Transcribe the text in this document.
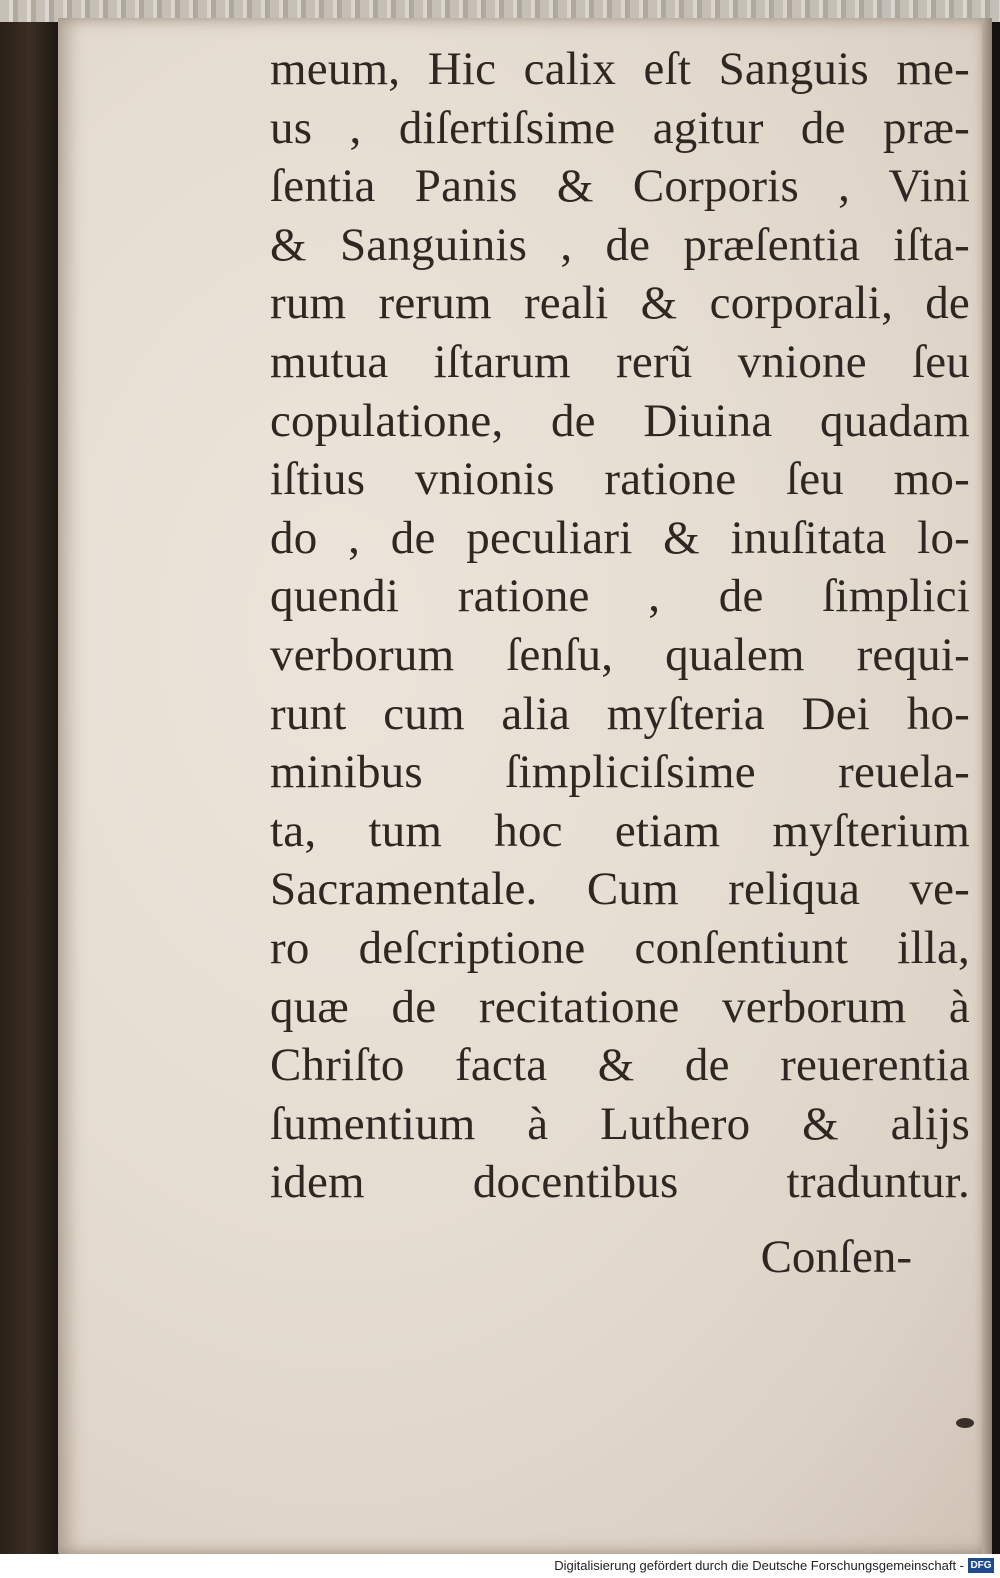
meum, Hic calix eſt Sanguis me-
us , diſertiſsime agitur de præ-
ſentia Panis & Corporis , Vini
& Sanguinis , de præſentia iſta-
rum rerum reali & corporali, de
mutua iſtarum rerũ vnione ſeu
copulatione, de Diuina quadam
iſtius vnionis ratione ſeu mo-
do , de peculiari & inuſitata lo-
quendi ratione , de ſimplici
verborum ſenſu, qualem requi-
runt cum alia myſteria Dei ho-
minibus ſimpliciſsime reuela-
ta, tum hoc etiam myſterium
Sacramentale. Cum reliqua ve-
ro deſcriptione conſentiunt illa,
quæ de recitatione verborum à
Chriſto facta & de reuerentia
ſumentium à Luthero & aliјs
idem docentibus traduntur.
Conſen-
Digitalisierung gefördert durch die Deutsche Forschungsgemeinschaft - DFG
